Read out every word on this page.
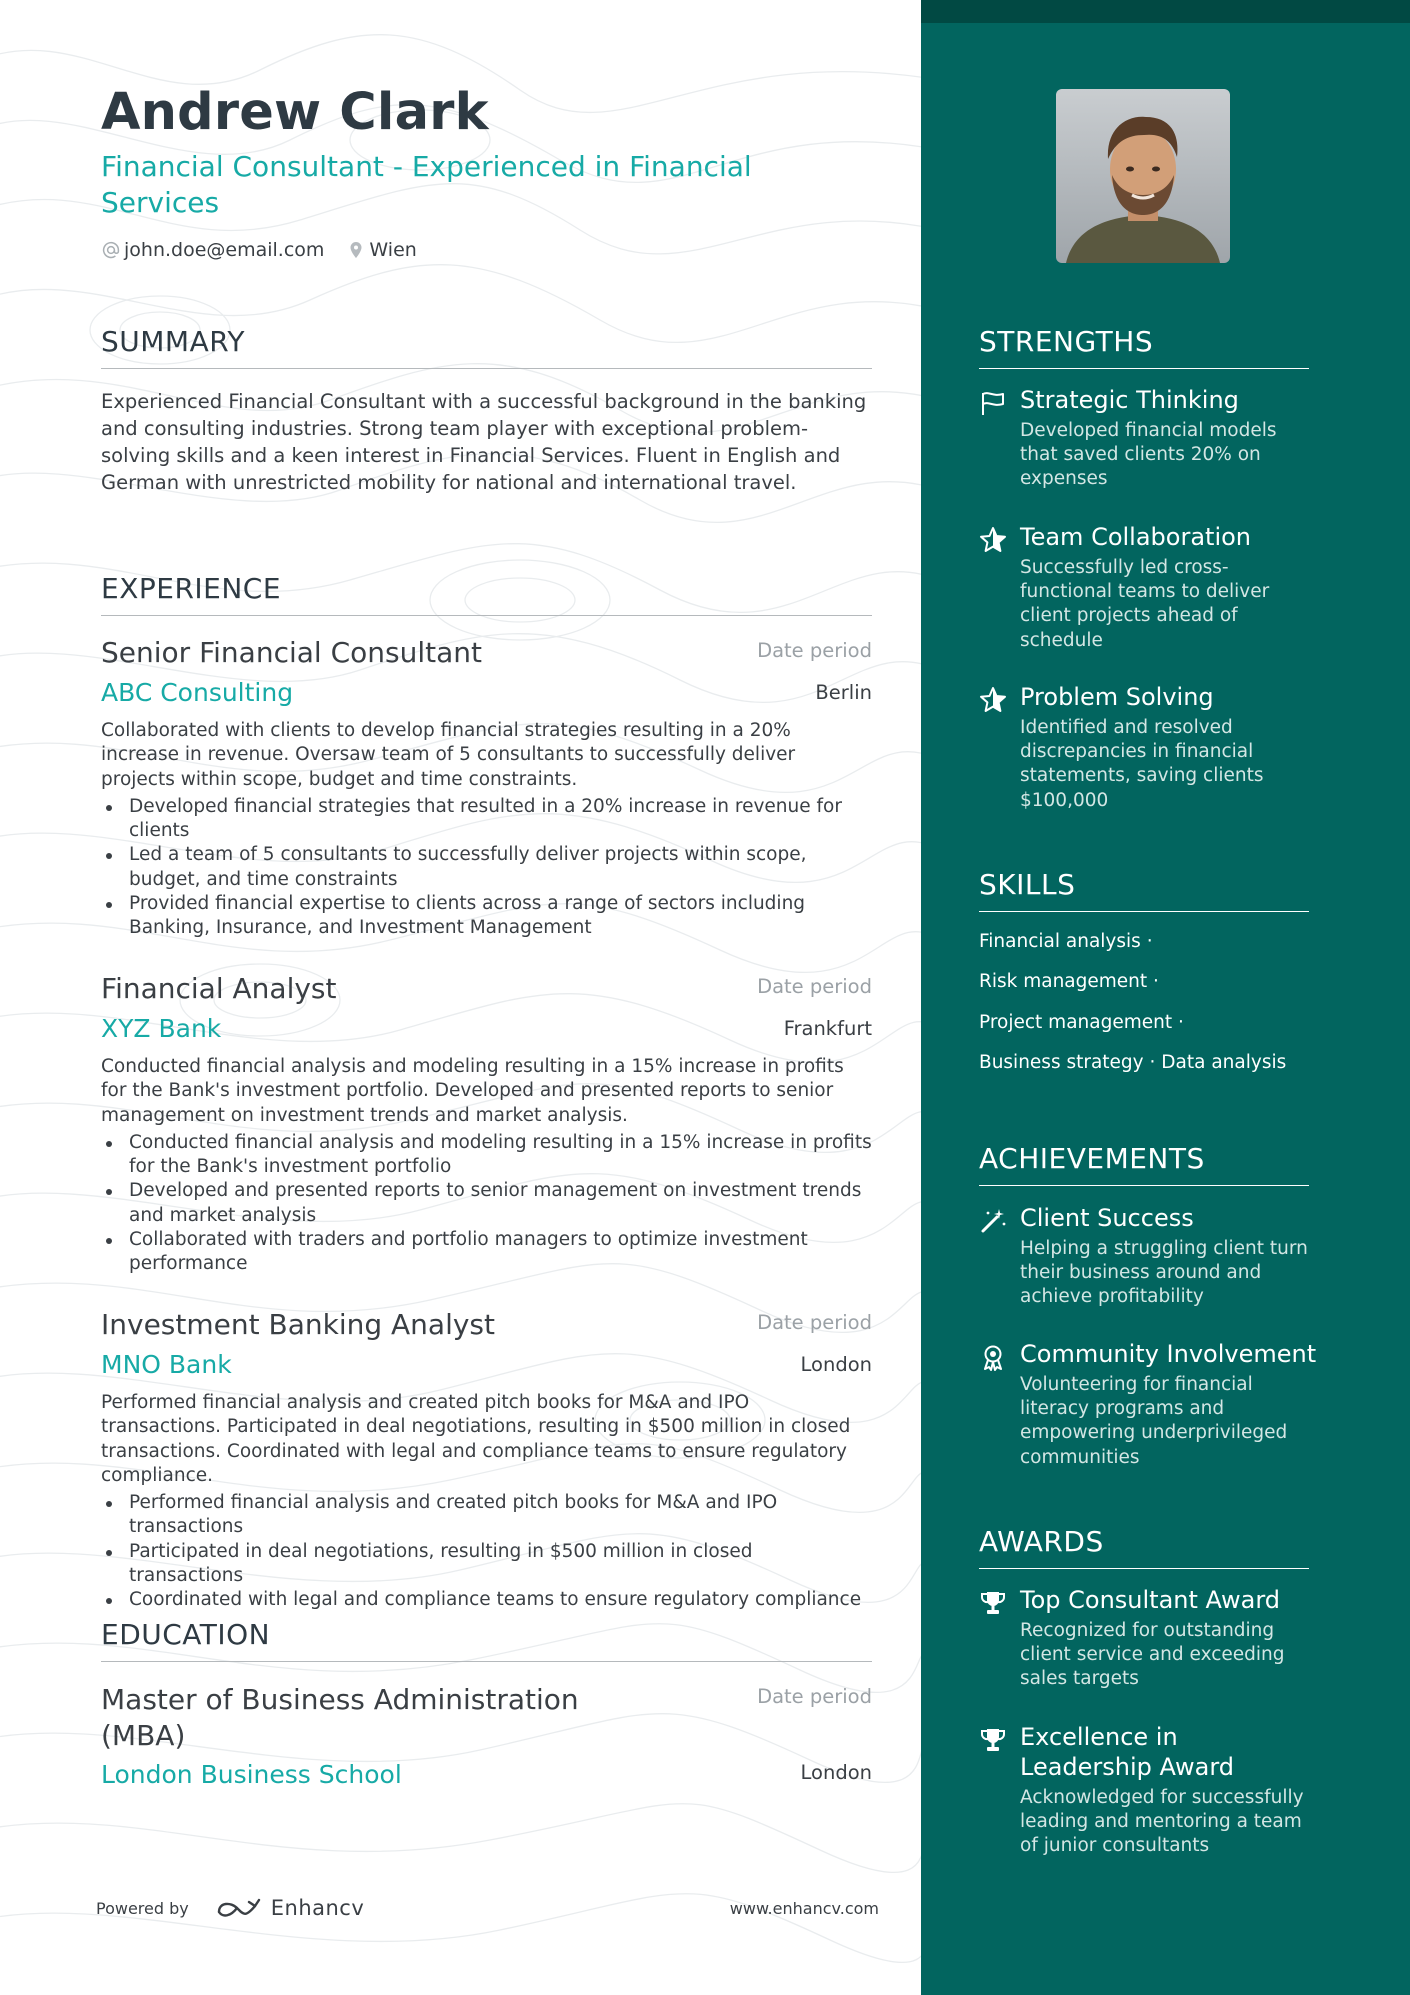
Andrew Clark
Financial Consultant - Experienced in Financial Services
john.doe@email.com Wien
SUMMARY
Experienced Financial Consultant with a successful background in the banking and consulting industries. Strong team player with exceptional problem-solving skills and a keen interest in Financial Services. Fluent in English and German with unrestricted mobility for national and international travel.
EXPERIENCE
Senior Financial Consultant	Date period
ABC Consulting	Berlin
Collaborated with clients to develop financial strategies resulting in a 20% increase in revenue. Oversaw team of 5 consultants to successfully deliver projects within scope, budget and time constraints.
Developed financial strategies that resulted in a 20% increase in revenue for clients
Led a team of 5 consultants to successfully deliver projects within scope, budget, and time constraints
Provided financial expertise to clients across a range of sectors including Banking, Insurance, and Investment Management
Financial Analyst	Date period
XYZ Bank	Frankfurt
Conducted financial analysis and modeling resulting in a 15% increase in profits for the Bank's investment portfolio. Developed and presented reports to senior management on investment trends and market analysis.
Conducted financial analysis and modeling resulting in a 15% increase in profits for the Bank's investment portfolio
Developed and presented reports to senior management on investment trends and market analysis
Collaborated with traders and portfolio managers to optimize investment performance
Investment Banking Analyst	Date period
MNO Bank	London
Performed financial analysis and created pitch books for M&A and IPO transactions. Participated in deal negotiations, resulting in $500 million in closed transactions. Coordinated with legal and compliance teams to ensure regulatory compliance.
Performed financial analysis and created pitch books for M&A and IPO transactions
Participated in deal negotiations, resulting in $500 million in closed transactions
Coordinated with legal and compliance teams to ensure regulatory compliance
EDUCATION
Master of Business Administration (MBA)
Date period
London Business School	London
Powered by	Enhancv	www.enhancv.com
STRENGTHS
Strategic Thinking
Developed financial models that saved clients 20% on expenses
Team Collaboration
Successfully led cross-functional teams to deliver client projects ahead of schedule
Problem Solving
Identified and resolved discrepancies in financial statements, saving clients $100,000
SKILLS
Financial analysis ·
Risk management ·
Project management ·
Business strategy · Data analysis
ACHIEVEMENTS
Client Success
Helping a struggling client turn their business around and achieve profitability
Community Involvement
Volunteering for financial literacy programs and empowering underprivileged communities
AWARDS
Top Consultant Award
Recognized for outstanding client service and exceeding sales targets
Excellence in Leadership Award
Acknowledged for successfully leading and mentoring a team of junior consultants
